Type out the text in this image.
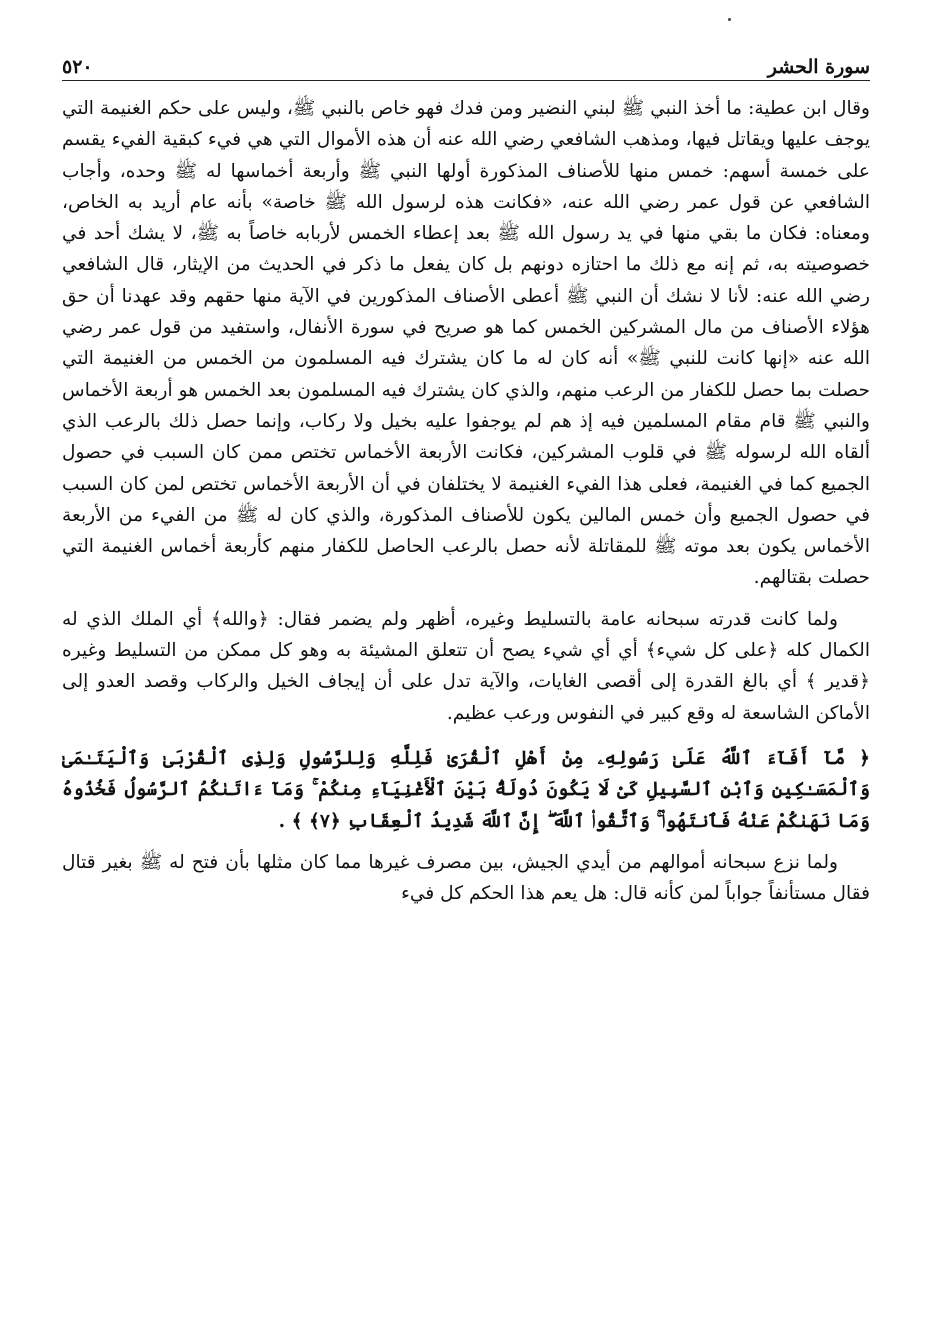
سورة الحشر
٥٢٠

وقال ابن عطية: ما أخذ النبي ﷺ لبني النضير ومن فدك فهو خاص بالنبي ﷺ، وليس على حكم الغنيمة التي يوجف عليها ويقاتل فيها، ومذهب الشافعي رضي الله عنه أن هذه الأموال التي هي فيء كبقية الفيء يقسم على خمسة أسهم: خمس منها للأصناف المذكورة أولها النبي ﷺ وأربعة أخماسها له ﷺ وحده، وأجاب الشافعي عن قول عمر رضي الله عنه، «فكانت هذه لرسول الله ﷺ خاصة» بأنه عام أريد به الخاص، ومعناه: فكان ما بقي منها في يد رسول الله ﷺ بعد إعطاء الخمس لأربابه خاصاً به ﷺ، لا يشك أحد في خصوصيته به، ثم إنه مع ذلك ما احتازه دونهم بل كان يفعل ما ذكر في الحديث من الإيثار، قال الشافعي رضي الله عنه: لأنا لا نشك أن النبي ﷺ أعطى الأصناف المذكورين في الآية منها حقهم وقد عهدنا أن حق هؤلاء الأصناف من مال المشركين الخمس كما هو صريح في سورة الأنفال، واستفيد من قول عمر رضي الله عنه «إنها كانت للنبي ﷺ» أنه كان له ما كان يشترك فيه المسلمون من الخمس من الغنيمة التي حصلت بما حصل للكفار من الرعب منهم، والذي كان يشترك فيه المسلمون بعد الخمس هو أربعة الأخماس والنبي ﷺ قام مقام المسلمين فيه إذ هم لم يوجفوا عليه بخيل ولا ركاب، وإنما حصل ذلك بالرعب الذي ألقاه الله لرسوله ﷺ في قلوب المشركين، فكانت الأربعة الأخماس تختص ممن كان السبب في حصول الجميع كما في الغنيمة، فعلى هذا الفيء الغنيمة لا يختلفان في أن الأربعة الأخماس تختص لمن كان السبب في حصول الجميع وأن خمس المالين يكون للأصناف المذكورة، والذي كان له ﷺ من الفيء من الأربعة الأخماس يكون بعد موته ﷺ للمقاتلة لأنه حصل بالرعب الحاصل للكفار منهم كأربعة أخماس الغنيمة التي حصلت بقتالهم.

ولما كانت قدرته سبحانه عامة بالتسليط وغيره، أظهر ولم يضمر فقال: ﴿والله﴾ أي الملك الذي له الكمال كله ﴿على كل شيء﴾ أي أي شيء يصح أن تتعلق المشيئة به وهو كل ممكن من التسليط وغيره ﴿قدير ﴾ أي بالغ القدرة إلى أقصى الغايات، والآية تدل على أن إيجاف الخيل والركاب وقصد العدو إلى الأماكن الشاسعة له وقع كبير في النفوس ورعب عظيم.

﴿ مَّآ أَفَآءَ ٱللَّهُ عَلَىٰ رَسُولِهِۦ مِنْ أَهْلِ ٱلْقُرَىٰ فَلِلَّهِ وَلِلرَّسُولِ وَلِذِى ٱلْقُرْبَىٰ وَٱلْيَتَـٰمَىٰ وَٱلْمَسَـٰكِينِ وَٱبْنِ ٱلسَّبِيلِ كَىْ لَا يَكُونَ دُولَةًۢ بَيْنَ ٱلْأَغْنِيَآءِ مِنكُمْ ۚ وَمَآ ءَاتَىٰكُمُ ٱلرَّسُولُ فَخُذُوهُ وَمَا نَهَىٰكُمْ عَنْهُ فَٱنتَهُوا۟ ۚ وَٱتَّقُوا۟ ٱللَّهَ ۖ إِنَّ ٱللَّهَ شَدِيدُ ٱلْعِقَابِ ﴿٧﴾ ﴾ .

ولما نزع سبحانه أموالهم من أيدي الجيش، بين مصرف غيرها مما كان مثلها بأن فتح له ﷺ بغير قتال فقال مستأنفاً جواباً لمن كأنه قال: هل يعم هذا الحكم كل فيء
